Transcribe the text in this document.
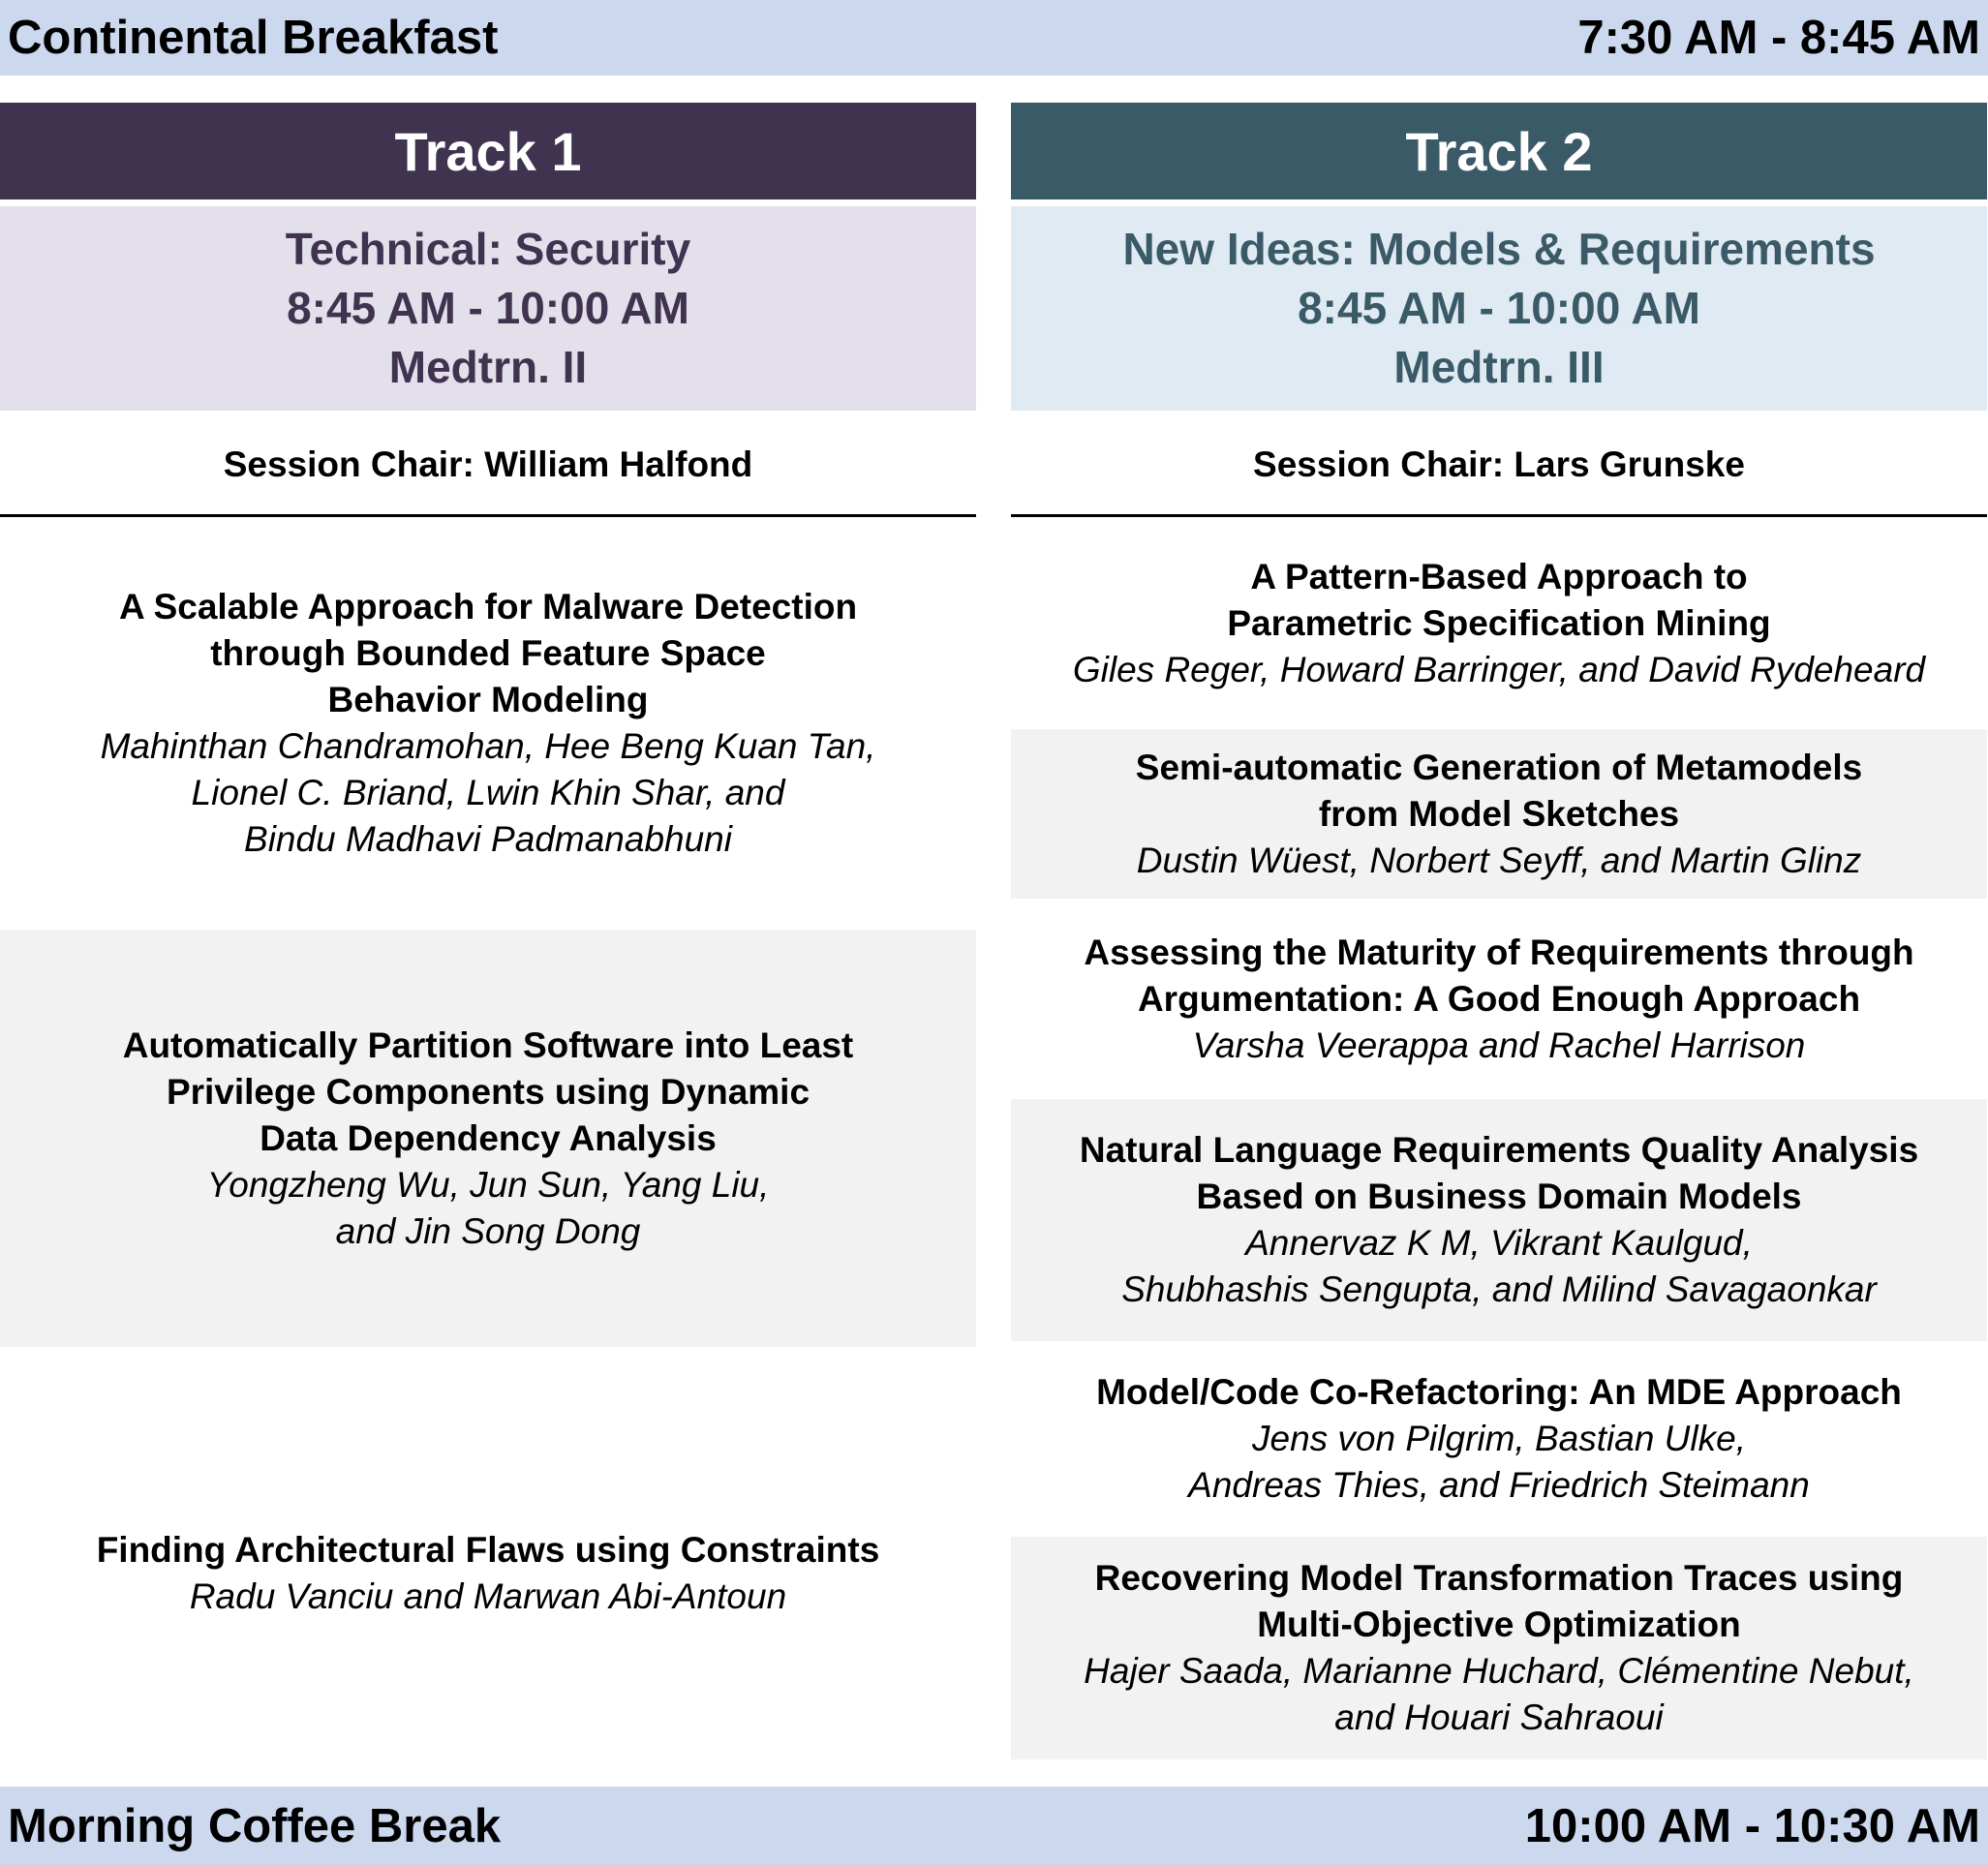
Continental Breakfast	7:30 AM - 8:45 AM
Track 1
Technical: Security
8:45 AM - 10:00 AM
Medtrn. II
Session Chair: William Halfond
A Scalable Approach for Malware Detection
through Bounded Feature Space
Behavior Modeling
Mahinthan Chandramohan, Hee Beng Kuan Tan,
Lionel C. Briand, Lwin Khin Shar, and
Bindu Madhavi Padmanabhuni
Automatically Partition Software into Least
Privilege Components using Dynamic
Data Dependency Analysis
Yongzheng Wu, Jun Sun, Yang Liu,
and Jin Song Dong
Finding Architectural Flaws using Constraints
Radu Vanciu and Marwan Abi-Antoun
Track 2
New Ideas: Models & Requirements
8:45 AM - 10:00 AM
Medtrn. III
Session Chair: Lars Grunske
A Pattern-Based Approach to
Parametric Specification Mining
Giles Reger, Howard Barringer, and David Rydeheard
Semi-automatic Generation of Metamodels
from Model Sketches
Dustin Wüest, Norbert Seyff, and Martin Glinz
Assessing the Maturity of Requirements through
Argumentation: A Good Enough Approach
Varsha Veerappa and Rachel Harrison
Natural Language Requirements Quality Analysis
Based on Business Domain Models
Annervaz K M, Vikrant Kaulgud,
Shubhashis Sengupta, and Milind Savagaonkar
Model/Code Co-Refactoring: An MDE Approach
Jens von Pilgrim, Bastian Ulke,
Andreas Thies, and Friedrich Steimann
Recovering Model Transformation Traces using
Multi-Objective Optimization
Hajer Saada, Marianne Huchard, Clémentine Nebut,
and Houari Sahraoui
Morning Coffee Break	10:00 AM - 10:30 AM
